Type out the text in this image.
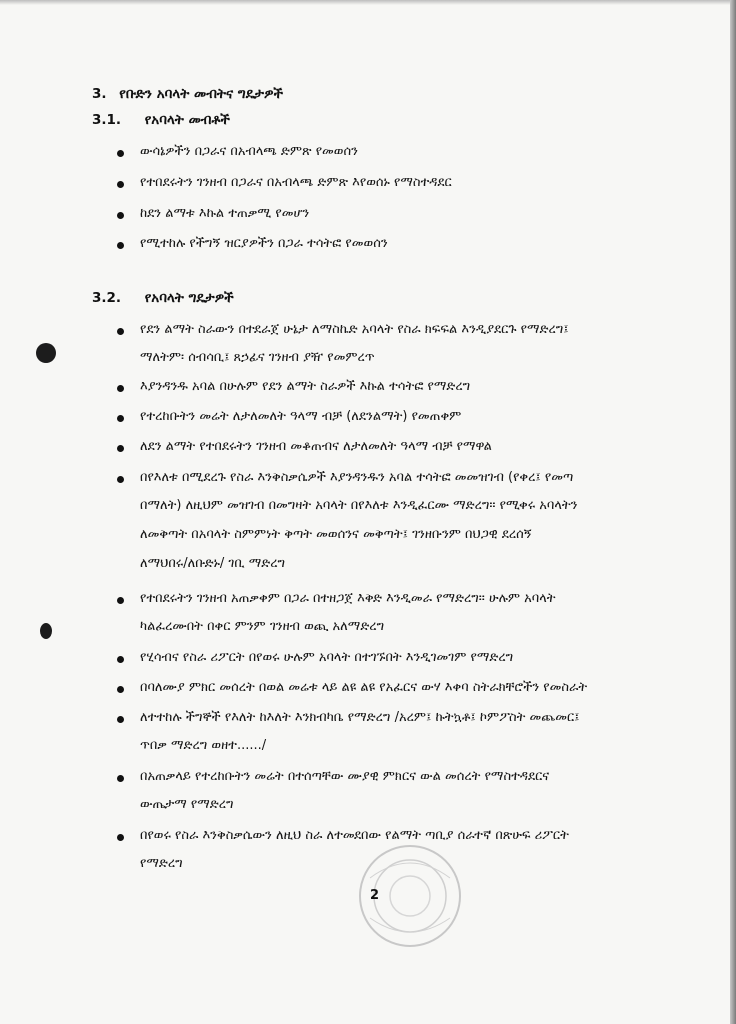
3. የቡድን አባላት መብትና ግዴታዎች
3.1. የአባላት መብቶች
ውሳኔዎችን በጋራና በአብላጫ ድምጽ የመወሰን
የተበደሩትን ገንዘብ በጋራና በአብላጫ ድምጽ እየወሰኑ የማስተዳደር
ከደን ልማቱ እኩል ተጠቃሚ የመሆን
የሚተከሉ የችግኝ ዝርያዎችን በጋራ ተሳትፎ የመወሰን
3.2. የአባላት ግዴታዎች
የደን ልማት ስራውን በተደራጀ ሁኔታ ለማስኬድ አባላት የስራ ክፍፍል እንዲያደርጉ የማድረግ፤
ማለትም፡ ሰብሳቢ፤ ጸኃፊና ገንዘብ ያዥ የመምረጥ
እያንዳንዱ አባል በሁሉም የደን ልማት ስራዎች እኩል ተሳትፎ የማድረግ
የተረከቡትን መሬት ለታለመለት ዓላማ ብቻ (ለደንልማት) የመጠቀም
ለደን ልማት የተበደሩትን ገንዘብ መቆጠብና ለታለመለት ዓላማ ብቻ የማዋል
በየእለቱ በሚደረጉ የስራ እንቅስቃሴዎች እያንዳንዱን አባል ተሳትፎ መመዝገብ (የቀረ፤ የመጣ
በማለት) ለዚህም መዝገብ በመግዛት አባላት በየእለቱ እንዲፈርሙ ማድረግ። የሚቀሩ አባላትን
ለመቅጣት በአባላት ስምምነት ቅጣት መወሰንና መቅጣት፤ ገንዘቡንም በህጋዊ ደረሰኝ
ለማህበሩ/ለቡድኑ/ ገቢ ማድረግ
የተበደሩትን ገንዘብ አጠቃቀም በጋራ በተዘጋጀ እቅድ እንዲመራ የማድረግ። ሁሉም አባላት
ካልፈረሙበት በቀር ምንም ገንዘብ ወጪ አለማድረግ
የሂሳብና የስራ ሪፖርት በየወሩ ሁሉም አባላት በተገኙበት እንዲገመገም የማድረግ
በባለሙያ ምክር መሰረት በወል መሬቱ ላይ ልዩ ልዩ የአፈርና ውሃ እቀባ ስትራክቸሮችን የመስራት
ለተተከሉ ችግኞች የእለት ከእለት እንክብካቤ የማድረግ /አረም፤ ኩትኳቶ፤ ኮምፖስት መጨመር፤
ጥበቃ ማድረግ ወዘተ....../
በአጠቃላይ የተረከቡትን መሬት በተሰጣቸው ሙያዊ ምክርና ውል መሰረት የማስተዳደርና
ውጤታማ የማድረግ
በየወሩ የስራ እንቅስቃሴውን ለዚህ ስራ ለተመደበው የልማት ጣቢያ ሰራተኛ በጽሁፍ ሪፖርት
የማድረግ
2
